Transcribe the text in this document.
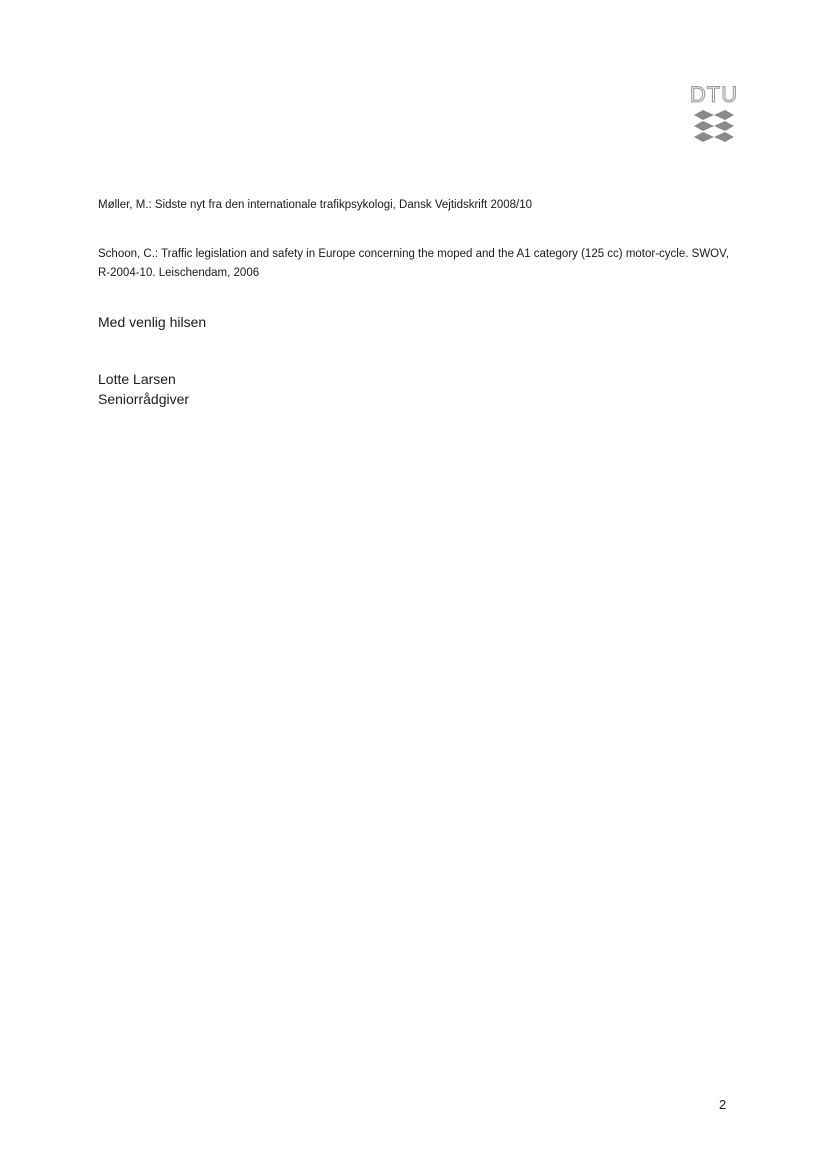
DTU
Møller, M.: Sidste nyt fra den internationale trafikpsykologi, Dansk Vejtidskrift 2008/10
Schoon, C.: Traffic legislation and safety in Europe concerning the moped and the A1 category (125 cc) motor-cycle. SWOV, R-2004-10. Leischendam, 2006
Med venlig hilsen
Lotte Larsen
Seniorrådgiver
2
